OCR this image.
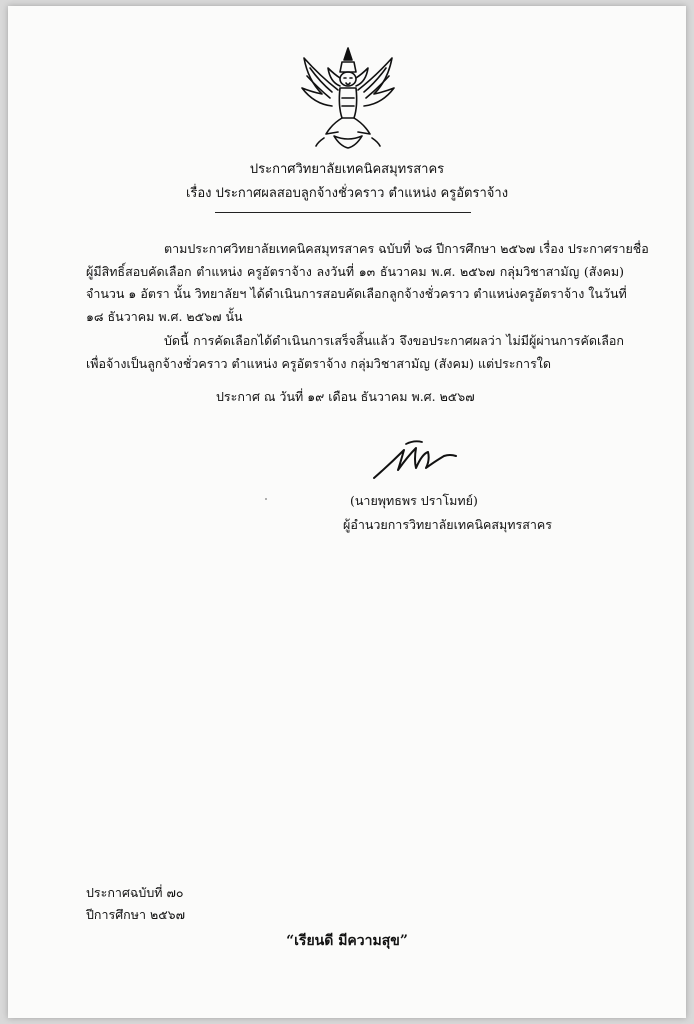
ประกาศวิทยาลัยเทคนิคสมุทรสาคร
เรื่อง ประกาศผลสอบลูกจ้างชั่วคราว ตำแหน่ง ครูอัตราจ้าง
ตามประกาศวิทยาลัยเทคนิคสมุทรสาคร ฉบับที่ ๖๘ ปีการศึกษา ๒๕๖๗ เรื่อง ประกาศรายชื่อ
ผู้มีสิทธิ์สอบคัดเลือก ตำแหน่ง ครูอัตราจ้าง ลงวันที่ ๑๓ ธันวาคม พ.ศ. ๒๕๖๗ กลุ่มวิชาสามัญ (สังคม)
จำนวน ๑ อัตรา นั้น วิทยาลัยฯ ได้ดำเนินการสอบคัดเลือกลูกจ้างชั่วคราว ตำแหน่งครูอัตราจ้าง ในวันที่
๑๘ ธันวาคม พ.ศ. ๒๕๖๗ นั้น
บัดนี้ การคัดเลือกได้ดำเนินการเสร็จสิ้นแล้ว จึงขอประกาศผลว่า ไม่มีผู้ผ่านการคัดเลือก
เพื่อจ้างเป็นลูกจ้างชั่วคราว ตำแหน่ง ครูอัตราจ้าง กลุ่มวิชาสามัญ (สังคม) แต่ประการใด
ประกาศ ณ วันที่ ๑๙ เดือน ธันวาคม พ.ศ. ๒๕๖๗
(นายพุทธพร ปราโมทย์)
ผู้อำนวยการวิทยาลัยเทคนิคสมุทรสาคร
ประกาศฉบับที่ ๗๐
ปีการศึกษา ๒๕๖๗
“เรียนดี มีความสุข”
